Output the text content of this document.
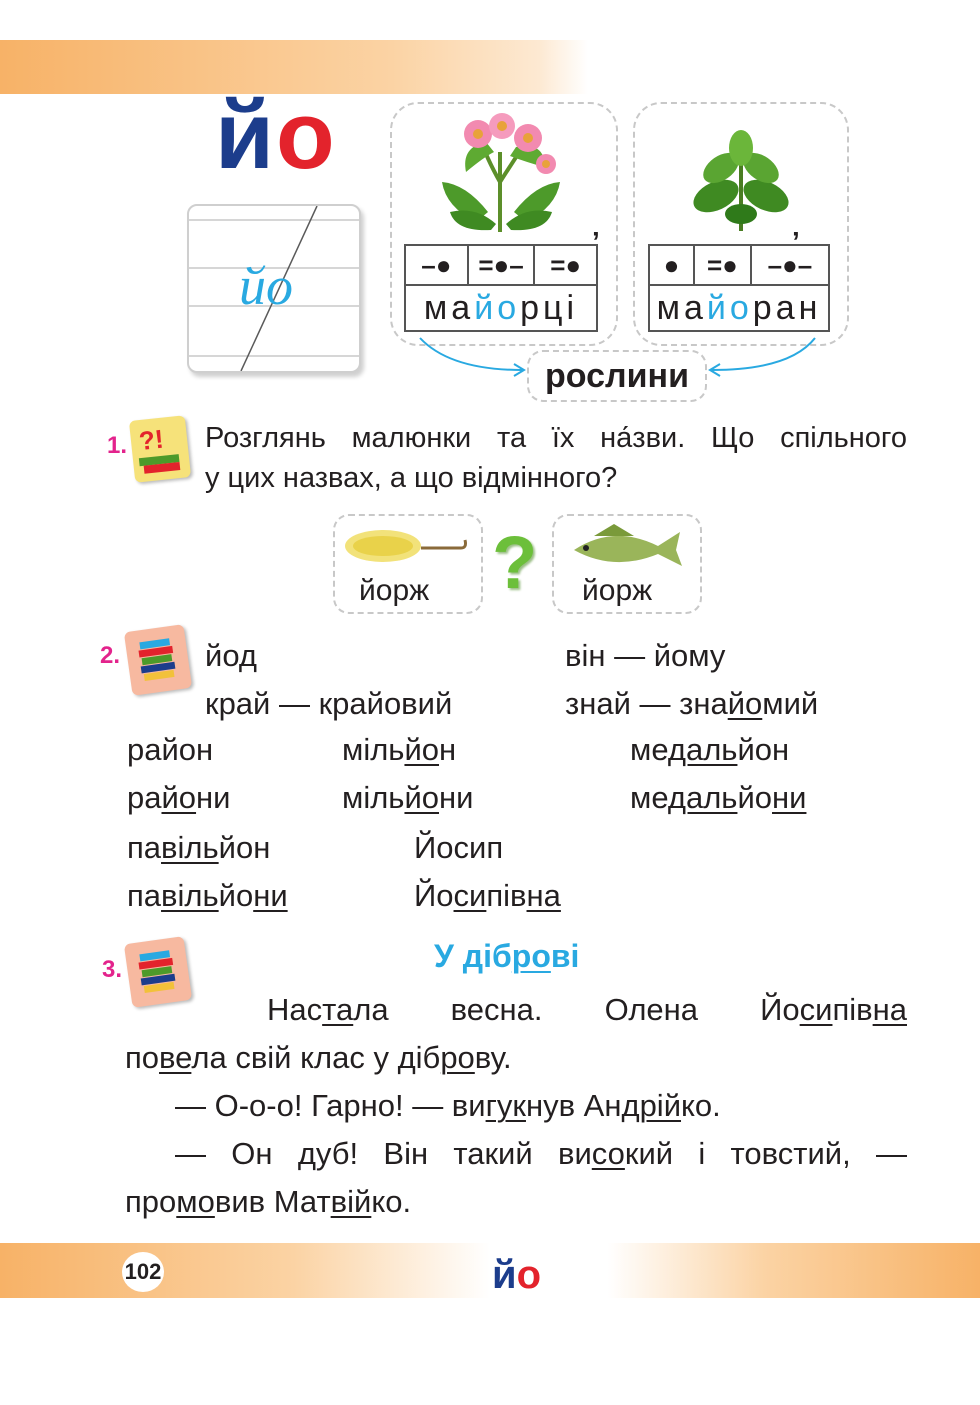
йо
йо	–●	=●–	=●
майорці
ʼ
●	=●	–●–
майоран
ʼ
рослини
1. ?! Розглянь малюнки та їх на́зви. Що спільного
у цих назвах, а що відмінного?
йорж ? йорж
2.	йод	він — йому
край — крайовий	знай — знайомий
район	мільйон	медальйон
райони	мільйони	медальйони
павільйон	Йосип
павільйони	Йосипівна
3.	У діброві
Настала весна. Олена Йосипівна
повела свій клас у діброву.
— О-о-о! Гарно! — вигукнув Андрійко.
— Он дуб! Він такий високий і товстий, —
промовив Матвійко.
102	йо
